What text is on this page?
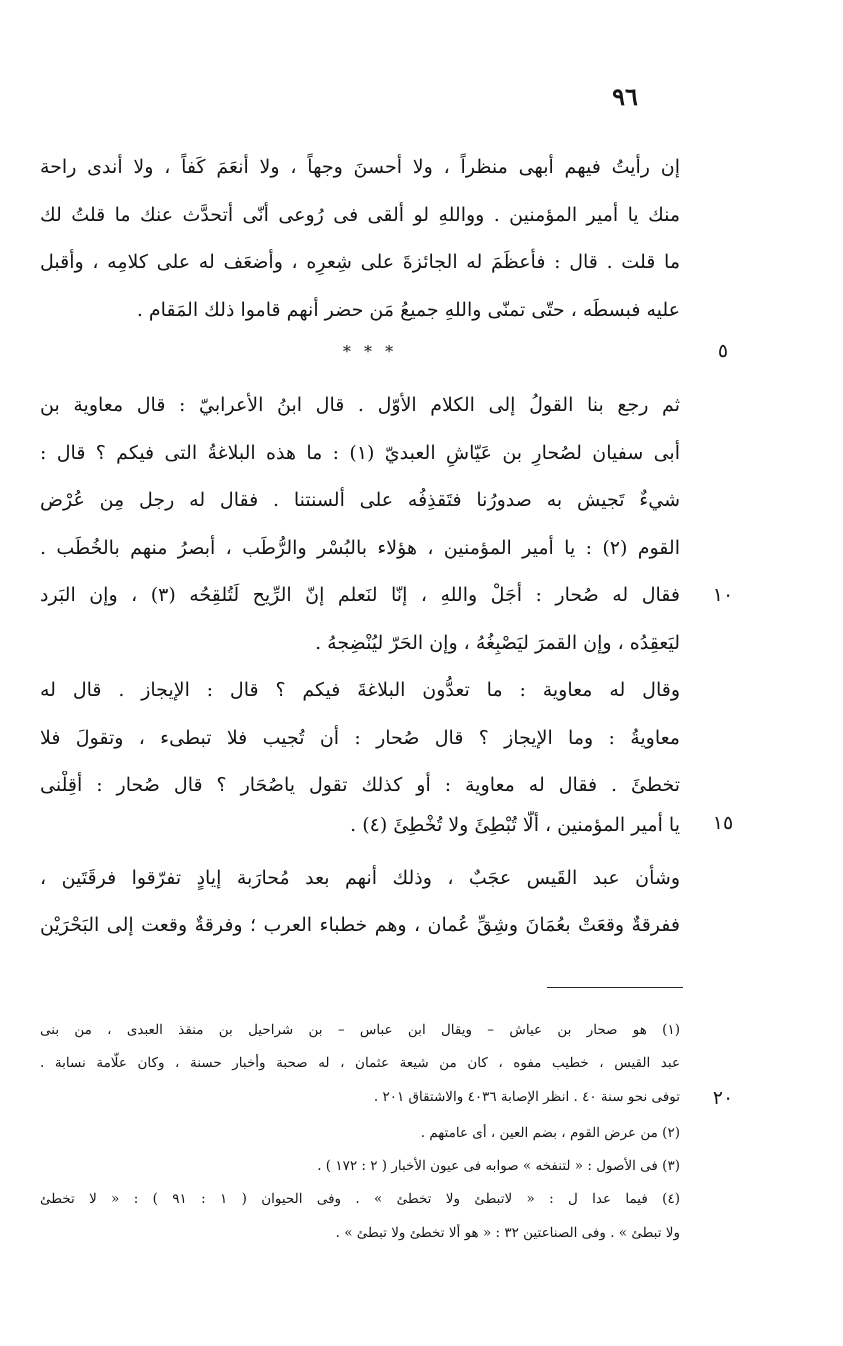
٩٦
٥
١٠
١٥
٢٠

إن رأيتُ فيهم أبهى منظراً ، ولا أحسنَ وجهاً ، ولا أنعَمَ كَفاً ، ولا أندى راحة

منك يا أمير المؤمنين . وواللهِ لو أُلقى فى رُوعى أنّى أتحدَّث عنك ما قلتُ لك

ما قلت . قال : فأعظَمَ له الجائزةَ على شِعرِه ، وأضعَف له على كلامِه ، وأقبل

عليه فبسطَه ، حتّى تمنّى واللهِ جميعُ مَن حضر أنهم قاموا ذلك المَقام .

* * *

ثم رجع بنا القولُ إلى الكلام الأوّل . قال ابنُ الأعرابيّ : قال معاوية بن

أبى سفيان لصُحارِ بن عَيّاشٍ العبديّ (١) : ما هذه البلاغةُ التى فيكم ؟ قال :

شيءٌ تَجيش به صدورُنا فتَقذِفُه على ألسنتنا . فقال له رجل مِن عُرْض

القوم (٢) : يا أمير المؤمنين ، هؤلاء بالبُسْر والرُّطَب ، أبصرُ منهم بالخُطَب .

فقال له صُحار : أجَلْ واللهِ ، إنّا لنَعلم إنّ الرِّيح لَتُلقِحُه (٣) ، وإن البَرد

ليَعقِدُه ، وإن القمرَ ليَصْبِغُهُ ، وإن الحَرّ ليُنْضِجهُ .

وقال له معاوية : ما تعدُّون البلاغةَ فيكم ؟ قال : الإيجاز . قال له

معاويةُ : وما الإيجاز ؟ قال صُحار : أن تُجيب فلا تبطىء ، وتقولَ فلا

تخطئَ . فقال له معاوية : أو كذلك تقول ياصُحَار ؟ قال صُحار : أقِلْنى

يا أمير المؤمنين ، ألّا تُبْطِئَ ولا تُخْطِئَ (٤) .

وشأن عبد القَيس عجَبٌ ، وذلك أنهم بعد مُحارَبة إيادٍ تفرّقوا فرقَتَين ،

ففرقةٌ وقعَتْ بعُمَانَ وشِقِّ عُمان ، وهم خطباء العرب ؛ وفرقةٌ وقعت إلى البَحْرَيْن

(١) هو صحار بن عياش – ويقال ابن عباس – بن شراحيل بن منقذ العبدى ، من بنى

عبد القيس ، خطيب مفوه ، كان من شيعة عثمان ، له صحبة وأخبار حسنة ، وكان علّامة نسابة .

توفى نحو سنة ٤٠ . انظر الإصابة ٤٠٣٦ والاشتقاق ٢٠١ .

(٢) من عرض القوم ، بضم العين ، أى عامتهم .

(٣) فى الأصول : « لتنفخه » صوابه فى عيون الأخبار ( ٢ : ١٧٢ ) .

(٤) فيما عدا ل : « لاتبطئ ولا تخطئ » . وفى الحيوان ( ١ : ٩١ ) : « لا تخطئ

ولا تبطئ » . وفى الصناعتين ٣٢ : « هو ألا تخطئ ولا تبطئ » .
